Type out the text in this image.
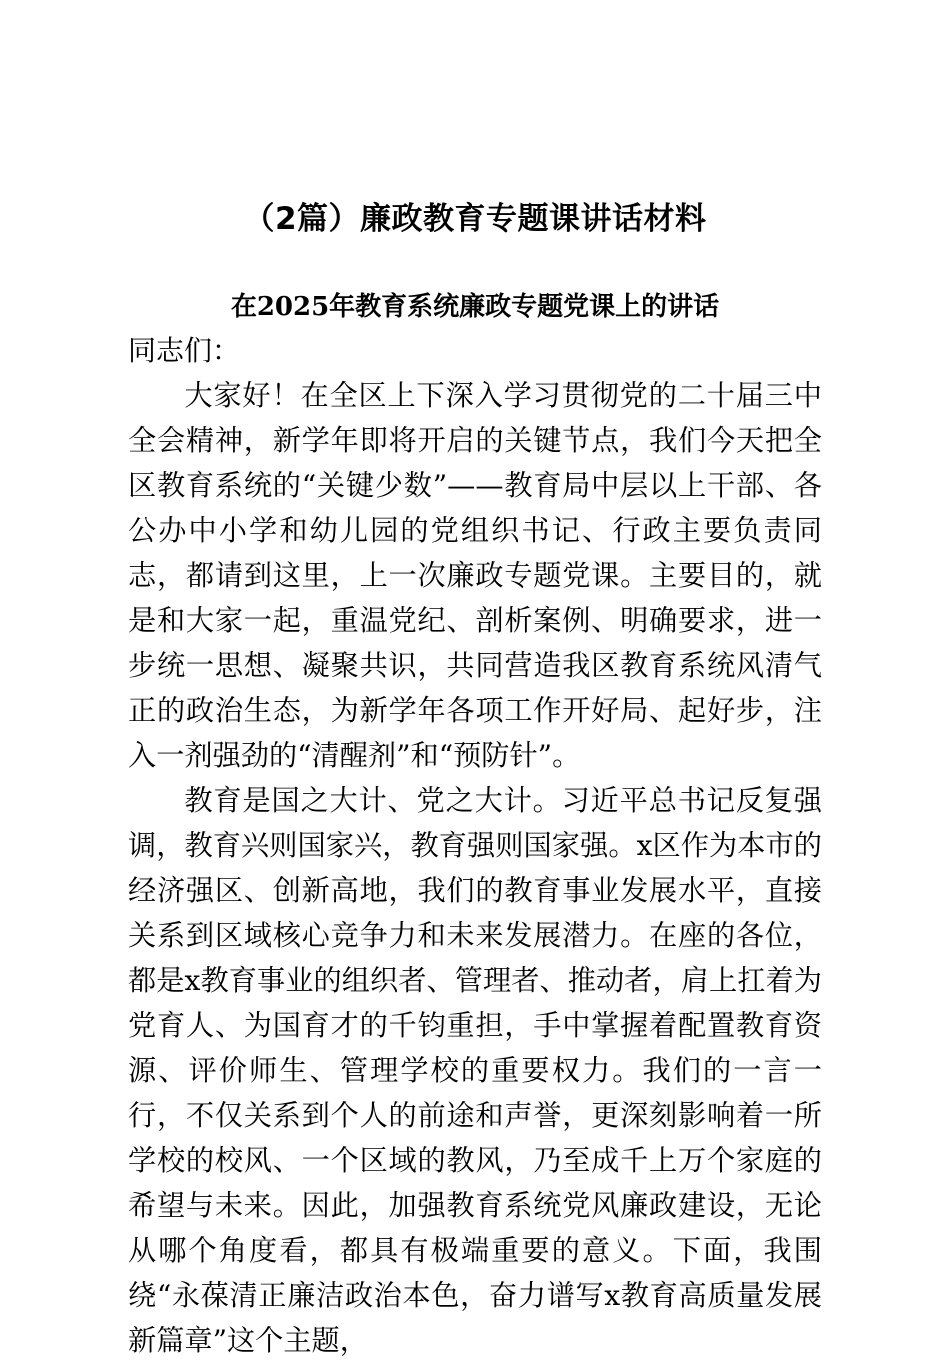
（2篇）廉政教育专题课讲话材料
在2025年教育系统廉政专题党课上的讲话

同志们：

大家好！在全区上下深入学习贯彻党的二十届三中全会精神，新学年即将开启的关键节点，我们今天把全区教育系统的“关键少数”——教育局中层以上干部、各公办中小学和幼儿园的党组织书记、行政主要负责同志，都请到这里，上一次廉政专题党课。主要目的，就是和大家一起，重温党纪、剖析案例、明确要求，进一步统一思想、凝聚共识，共同营造我区教育系统风清气正的政治生态，为新学年各项工作开好局、起好步，注入一剂强劲的“清醒剂”和“预防针”。

教育是国之大计、党之大计。习近平总书记反复强调，教育兴则国家兴，教育强则国家强。x区作为本市的经济强区、创新高地，我们的教育事业发展水平，直接关系到区域核心竞争力和未来发展潜力。在座的各位，都是x教育事业的组织者、管理者、推动者，肩上扛着为党育人、为国育才的千钧重担，手中掌握着配置教育资源、评价师生、管理学校的重要权力。我们的一言一行，不仅关系到个人的前途和声誉，更深刻影响着一所学校的校风、一个区域的教风，乃至成千上万个家庭的希望与未来。因此，加强教育系统党风廉政建设，无论从哪个角度看，都具有极端重要的意义。下面，我围绕“永葆清正廉洁政治本色，奋力谱写x教育高质量发展新篇章”这个主题，
